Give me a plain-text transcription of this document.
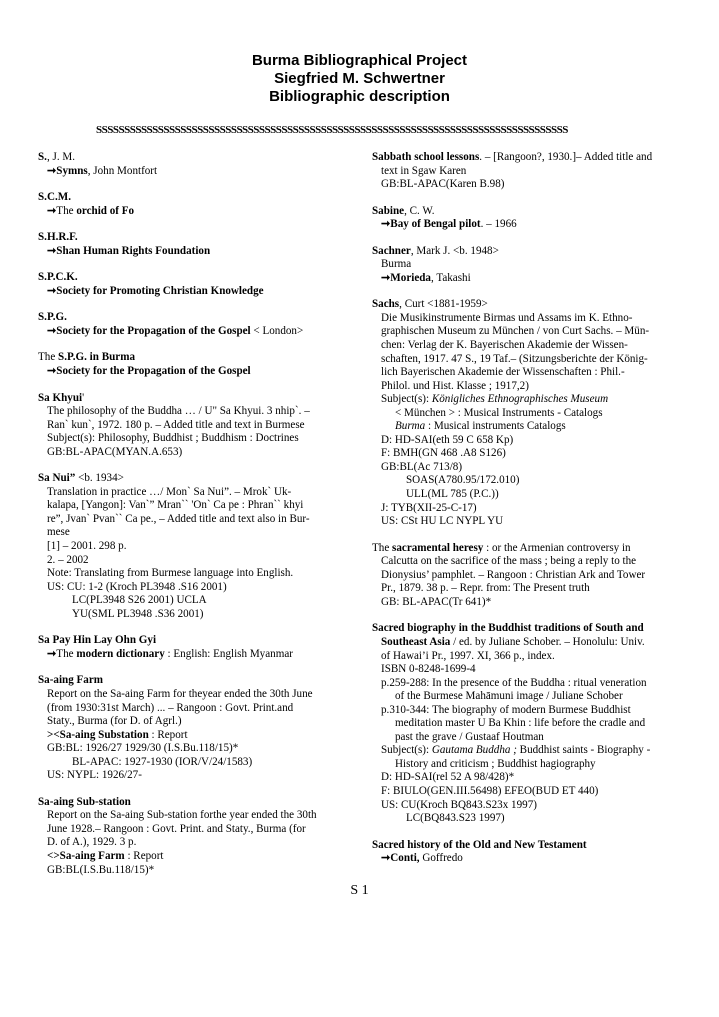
Burma Bibliographical Project
Siegfried M. Schwertner
Bibliographic description
SSSSSSSSSSSSSSSSSSSSSSSSSSSSSSSSSSSSSSSSSSSSSSSSSSSSSSSSSSSSSSSSSSSSSSSSSSSSSSSSSSSS
S., J. M.
➞Symns, John Montfort
S.C.M.
➞The orchid of Fo
S.H.R.F.
➞Shan Human Rights Foundation
S.P.C.K.
➞Society for Promoting Christian Knowledge
S.P.G.
➞Society for the Propagation of the Gospel < London>
The S.P.G. in Burma
➞Society for the Propagation of the Gospel
Sa Khyui'
The philosophy of the Buddha … / U" Sa Khyui. 3 nhip`. –
Ran` kun`, 1972. 180 p. – Added title and text in Burmese
Subject(s): Philosophy, Buddhist ; Buddhism : Doctrines
GB:BL-APAC(MYAN.A.653)
Sa Nui” <b. 1934>
Translation in practice …/ Mon` Sa Nui”. – Mrok` Uk-
kalapa, [Yangon]: Van`” Mran`` 'On` Ca pe : Phran`` khyi
re”, Jvan` Pvan`` Ca pe., – Added title and text also in Bur-
mese
[1] – 2001. 298 p.
2. – 2002
Note: Translating from Burmese language into English.
US: CU: 1-2 (Kroch PL3948 .S16 2001)
LC(PL3948 S26 2001) UCLA
YU(SML PL3948 .S36 2001)
Sa Pay Hin Lay Ohn Gyi
➞The modern dictionary : English: English Myanmar
Sa-aing Farm
Report on the Sa-aing Farm for theyear ended the 30th June
(from 1930:31st March) ... – Rangoon : Govt. Print.and
Staty., Burma (for D. of Agrl.)
><Sa-aing Substation : Report
GB:BL: 1926/27 1929/30 (I.S.Bu.118/15)*
BL-APAC: 1927-1930 (IOR/V/24/1583)
US: NYPL: 1926/27-
Sa-aing Sub-station
Report on the Sa-aing Sub-station forthe year ended the 30th
June 1928.– Rangoon : Govt. Print. and Staty., Burma (for
D. of A.), 1929. 3 p.
<>Sa-aing Farm : Report
GB:BL(I.S.Bu.118/15)*
Sabbath school lessons. – [Rangoon?, 1930.]– Added title and
text in Sgaw Karen
GB:BL-APAC(Karen B.98)
Sabine, C. W.
➞Bay of Bengal pilot. – 1966
Sachner, Mark J. <b. 1948>
Burma
➞Morieda, Takashi
Sachs, Curt <1881-1959>
Die Musikinstrumente Birmas und Assams im K. Ethno-
graphischen Museum zu München / von Curt Sachs. – Mün-
chen: Verlag der K. Bayerischen Akademie der Wissen-
schaften, 1917. 47 S., 19 Taf.– (Sitzungsberichte der König-
lich Bayerischen Akademie der Wissenschaften : Phil.-
Philol. und Hist. Klasse ; 1917,2)
Subject(s): Königliches Ethnographisches Museum
< München > : Musical Instruments - Catalogs
Burma : Musical instruments Catalogs
D: HD-SAI(eth 59 C 658 Kp)
F: BMH(GN 468 .A8 S126)
GB:BL(Ac 713/8)
SOAS(A780.95/172.010)
ULL(ML 785 (P.C.))
J: TYB(XII-25-C-17)
US: CSt HU LC NYPL YU
The sacramental heresy : or the Armenian controversy in
Calcutta on the sacrifice of the mass ; being a reply to the
Dionysius’ pamphlet. – Rangoon : Christian Ark and Tower
Pr., 1879. 38 p. – Repr. from: The Present truth
GB: BL-APAC(Tr 641)*
Sacred biography in the Buddhist traditions of South and
Southeast Asia / ed. by Juliane Schober. – Honolulu: Univ.
of Hawai’i Pr., 1997. XI, 366 p., index.
ISBN 0-8248-1699-4
p.259-288: In the presence of the Buddha : ritual veneration
of the Burmese Mahāmuni image / Juliane Schober
p.310-344: The biography of modern Burmese Buddhist
meditation master U Ba Khin : life before the cradle and
past the grave / Gustaaf Houtman
Subject(s): Gautama Buddha ; Buddhist saints - Biography -
History and criticism ; Buddhist hagiography
D: HD-SAI(rel 52 A 98/428)*
F: BIULO(GEN.III.56498) EFEO(BUD ET 440)
US: CU(Kroch BQ843.S23x 1997)
LC(BQ843.S23 1997)
Sacred history of the Old and New Testament
➞Conti, Goffredo
S 1
